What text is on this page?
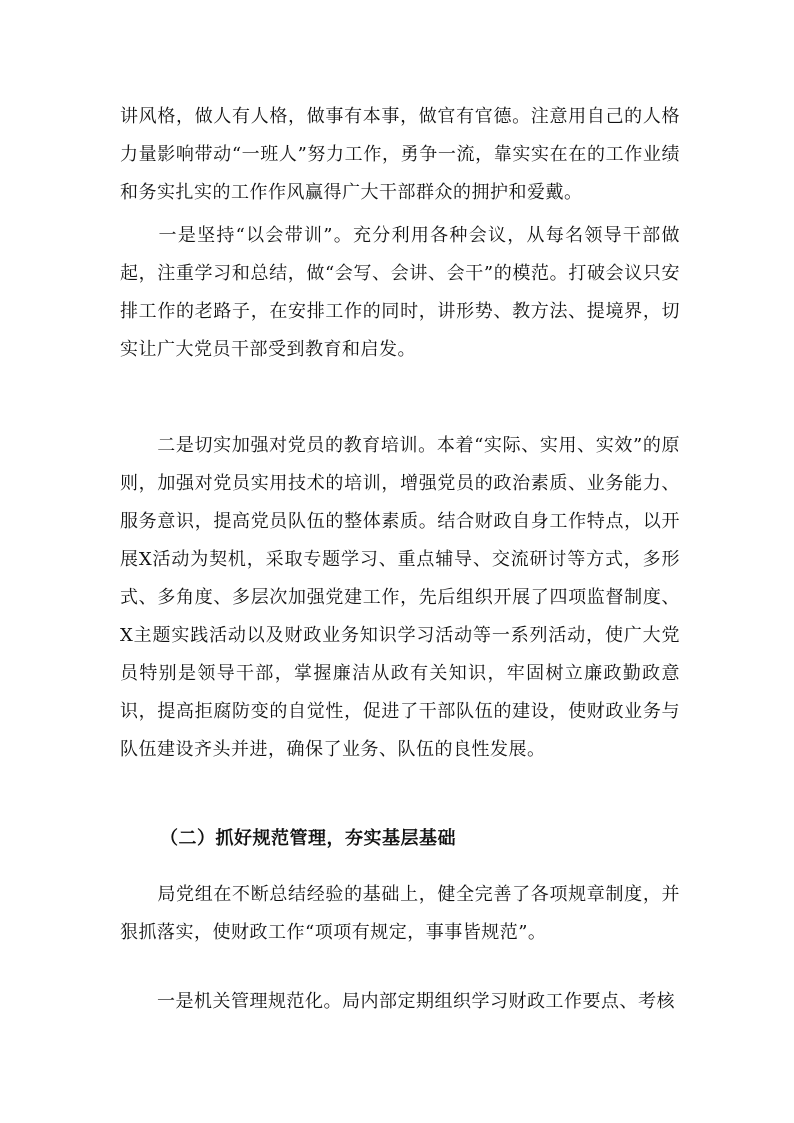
讲风格，做人有人格，做事有本事，做官有官德。注意用自己的人格力量影响带动“一班人”努力工作，勇争一流，靠实实在在的工作业绩和务实扎实的工作作风赢得广大干部群众的拥护和爱戴。

　　一是坚持“以会带训”。充分利用各种会议，从每名领导干部做起，注重学习和总结，做“会写、会讲、会干”的模范。打破会议只安排工作的老路子，在安排工作的同时，讲形势、教方法、提境界，切实让广大党员干部受到教育和启发。

　　二是切实加强对党员的教育培训。本着“实际、实用、实效”的原则，加强对党员实用技术的培训，增强党员的政治素质、业务能力、服务意识，提高党员队伍的整体素质。结合财政自身工作特点，以开展X活动为契机，采取专题学习、重点辅导、交流研讨等方式，多形式、多角度、多层次加强党建工作，先后组织开展了四项监督制度、X主题实践活动以及财政业务知识学习活动等一系列活动，使广大党员特别是领导干部，掌握廉洁从政有关知识，牢固树立廉政勤政意识，提高拒腐防变的自觉性，促进了干部队伍的建设，使财政业务与队伍建设齐头并进，确保了业务、队伍的良性发展。

（二）抓好规范管理，夯实基层基础

　　局党组在不断总结经验的基础上，健全完善了各项规章制度，并狠抓落实，使财政工作“项项有规定，事事皆规范”。

　　一是机关管理规范化。局内部定期组织学习财政工作要点、考核
